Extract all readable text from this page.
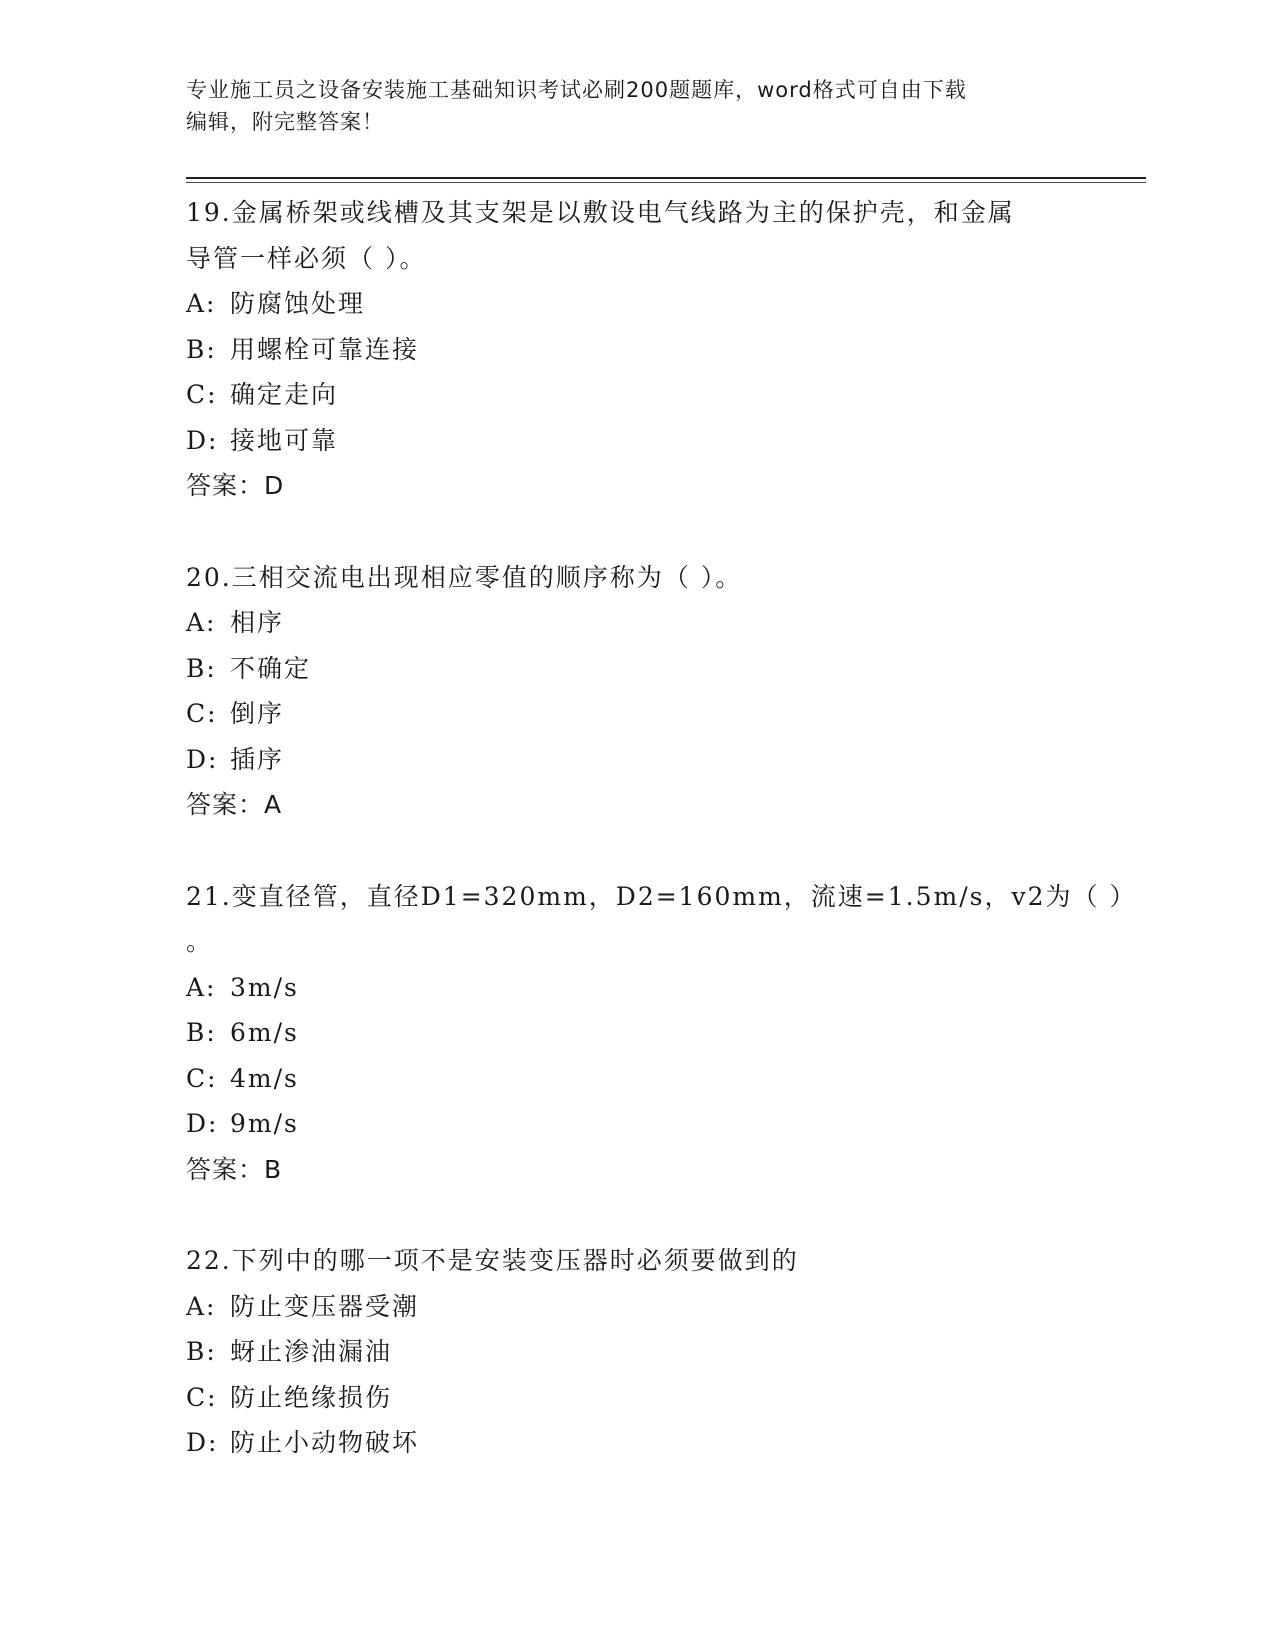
专业施工员之设备安装施工基础知识考试必刷200题题库，word格式可自由下载
编辑，附完整答案！
19.金属桥架或线槽及其支架是以敷设电气线路为主的保护壳，和金属
导管一样必须（ ）。
A: 防腐蚀处理
B: 用螺栓可靠连接
C: 确定走向
D: 接地可靠
答案：D
20.三相交流电出现相应零值的顺序称为（ ）。
A: 相序
B: 不确定
C: 倒序
D: 插序
答案：A
21.变直径管，直径D1=320mm，D2=160mm，流速=1.5m/s，v2为（ ）
。
A: 3m/s
B: 6m/s
C: 4m/s
D: 9m/s
答案：B
22.下列中的哪一项不是安装变压器时必须要做到的
A: 防止变压器受潮
B: 蚜止渗油漏油
C: 防止绝缘损伤
D: 防止小动物破坏
